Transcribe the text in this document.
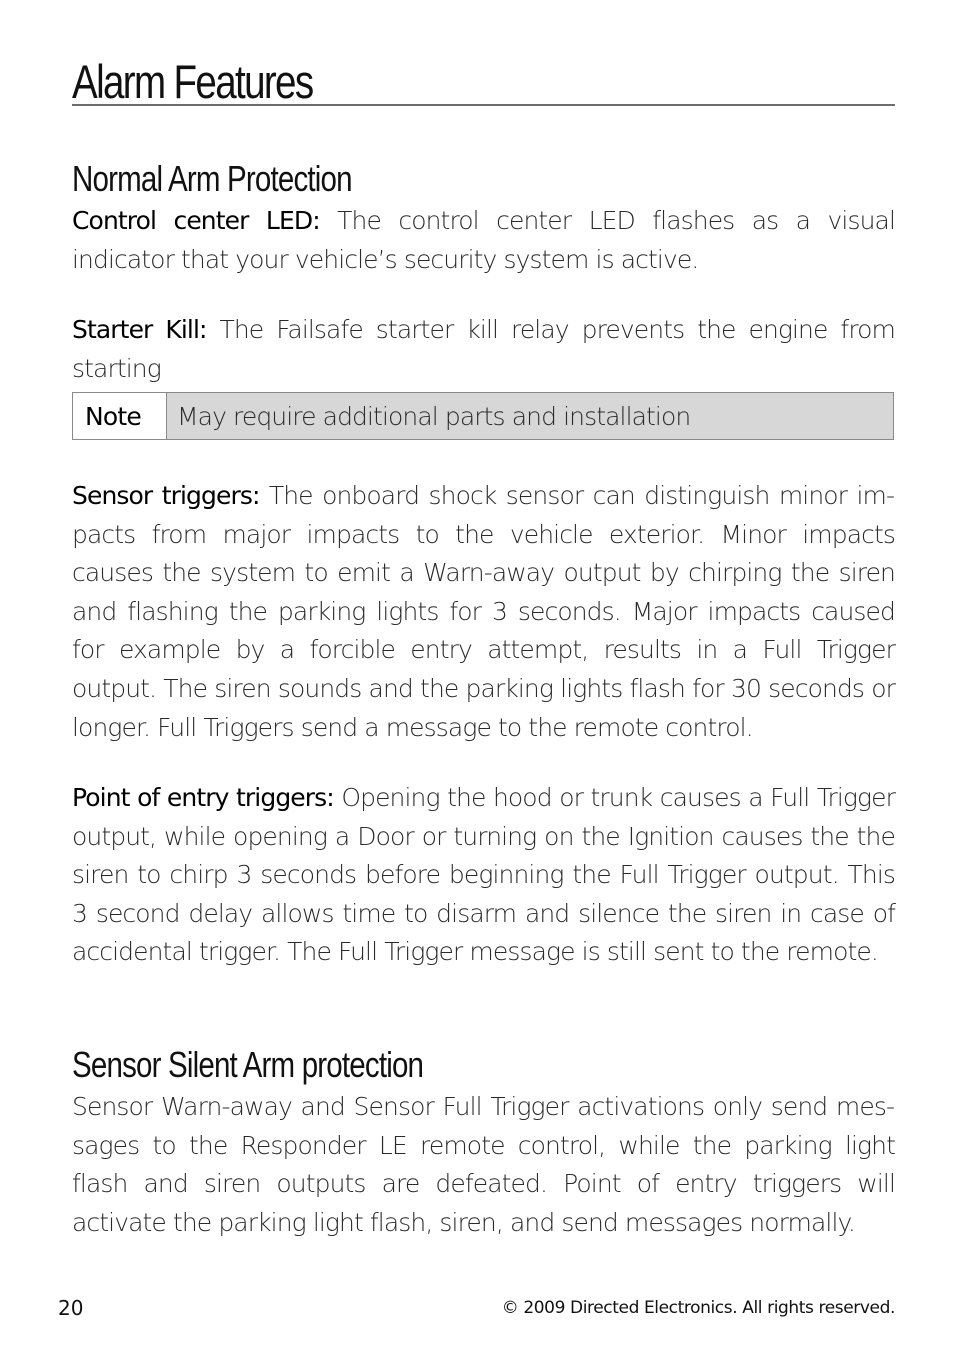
Alarm Features
Normal Arm Protection

Control center LED: The control center LED flashes as a visual indicator that your vehicle’s security system is active.

Starter Kill: The Failsafe starter kill relay prevents the engine from starting

Note	May require additional parts and installation

Sensor triggers: The onboard shock sensor can distinguish minor impacts from major impacts to the vehicle exterior. Minor impacts causes the system to emit a Warn-away output by chirping the siren and flashing the parking lights for 3 seconds. Major impacts caused for example by a forcible entry attempt, results in a Full Trigger output. The siren sounds and the parking lights flash for 30 seconds or longer. Full Triggers send a message to the remote control.

Point of entry triggers: Opening the hood or trunk causes a Full Trigger output, while opening a Door or turning on the Ignition causes the the siren to chirp 3 seconds before beginning the Full Trigger output. This 3 second delay allows time to disarm and silence the siren in case of accidental trigger. The Full Trigger message is still sent to the remote.

Sensor Silent Arm protection

Sensor Warn-away and Sensor Full Trigger activations only send messages to the Responder LE remote control, while the parking light flash and siren outputs are defeated. Point of entry triggers will activate the parking light flash, siren, and send messages normally.

20	© 2009 Directed Electronics. All rights reserved.
